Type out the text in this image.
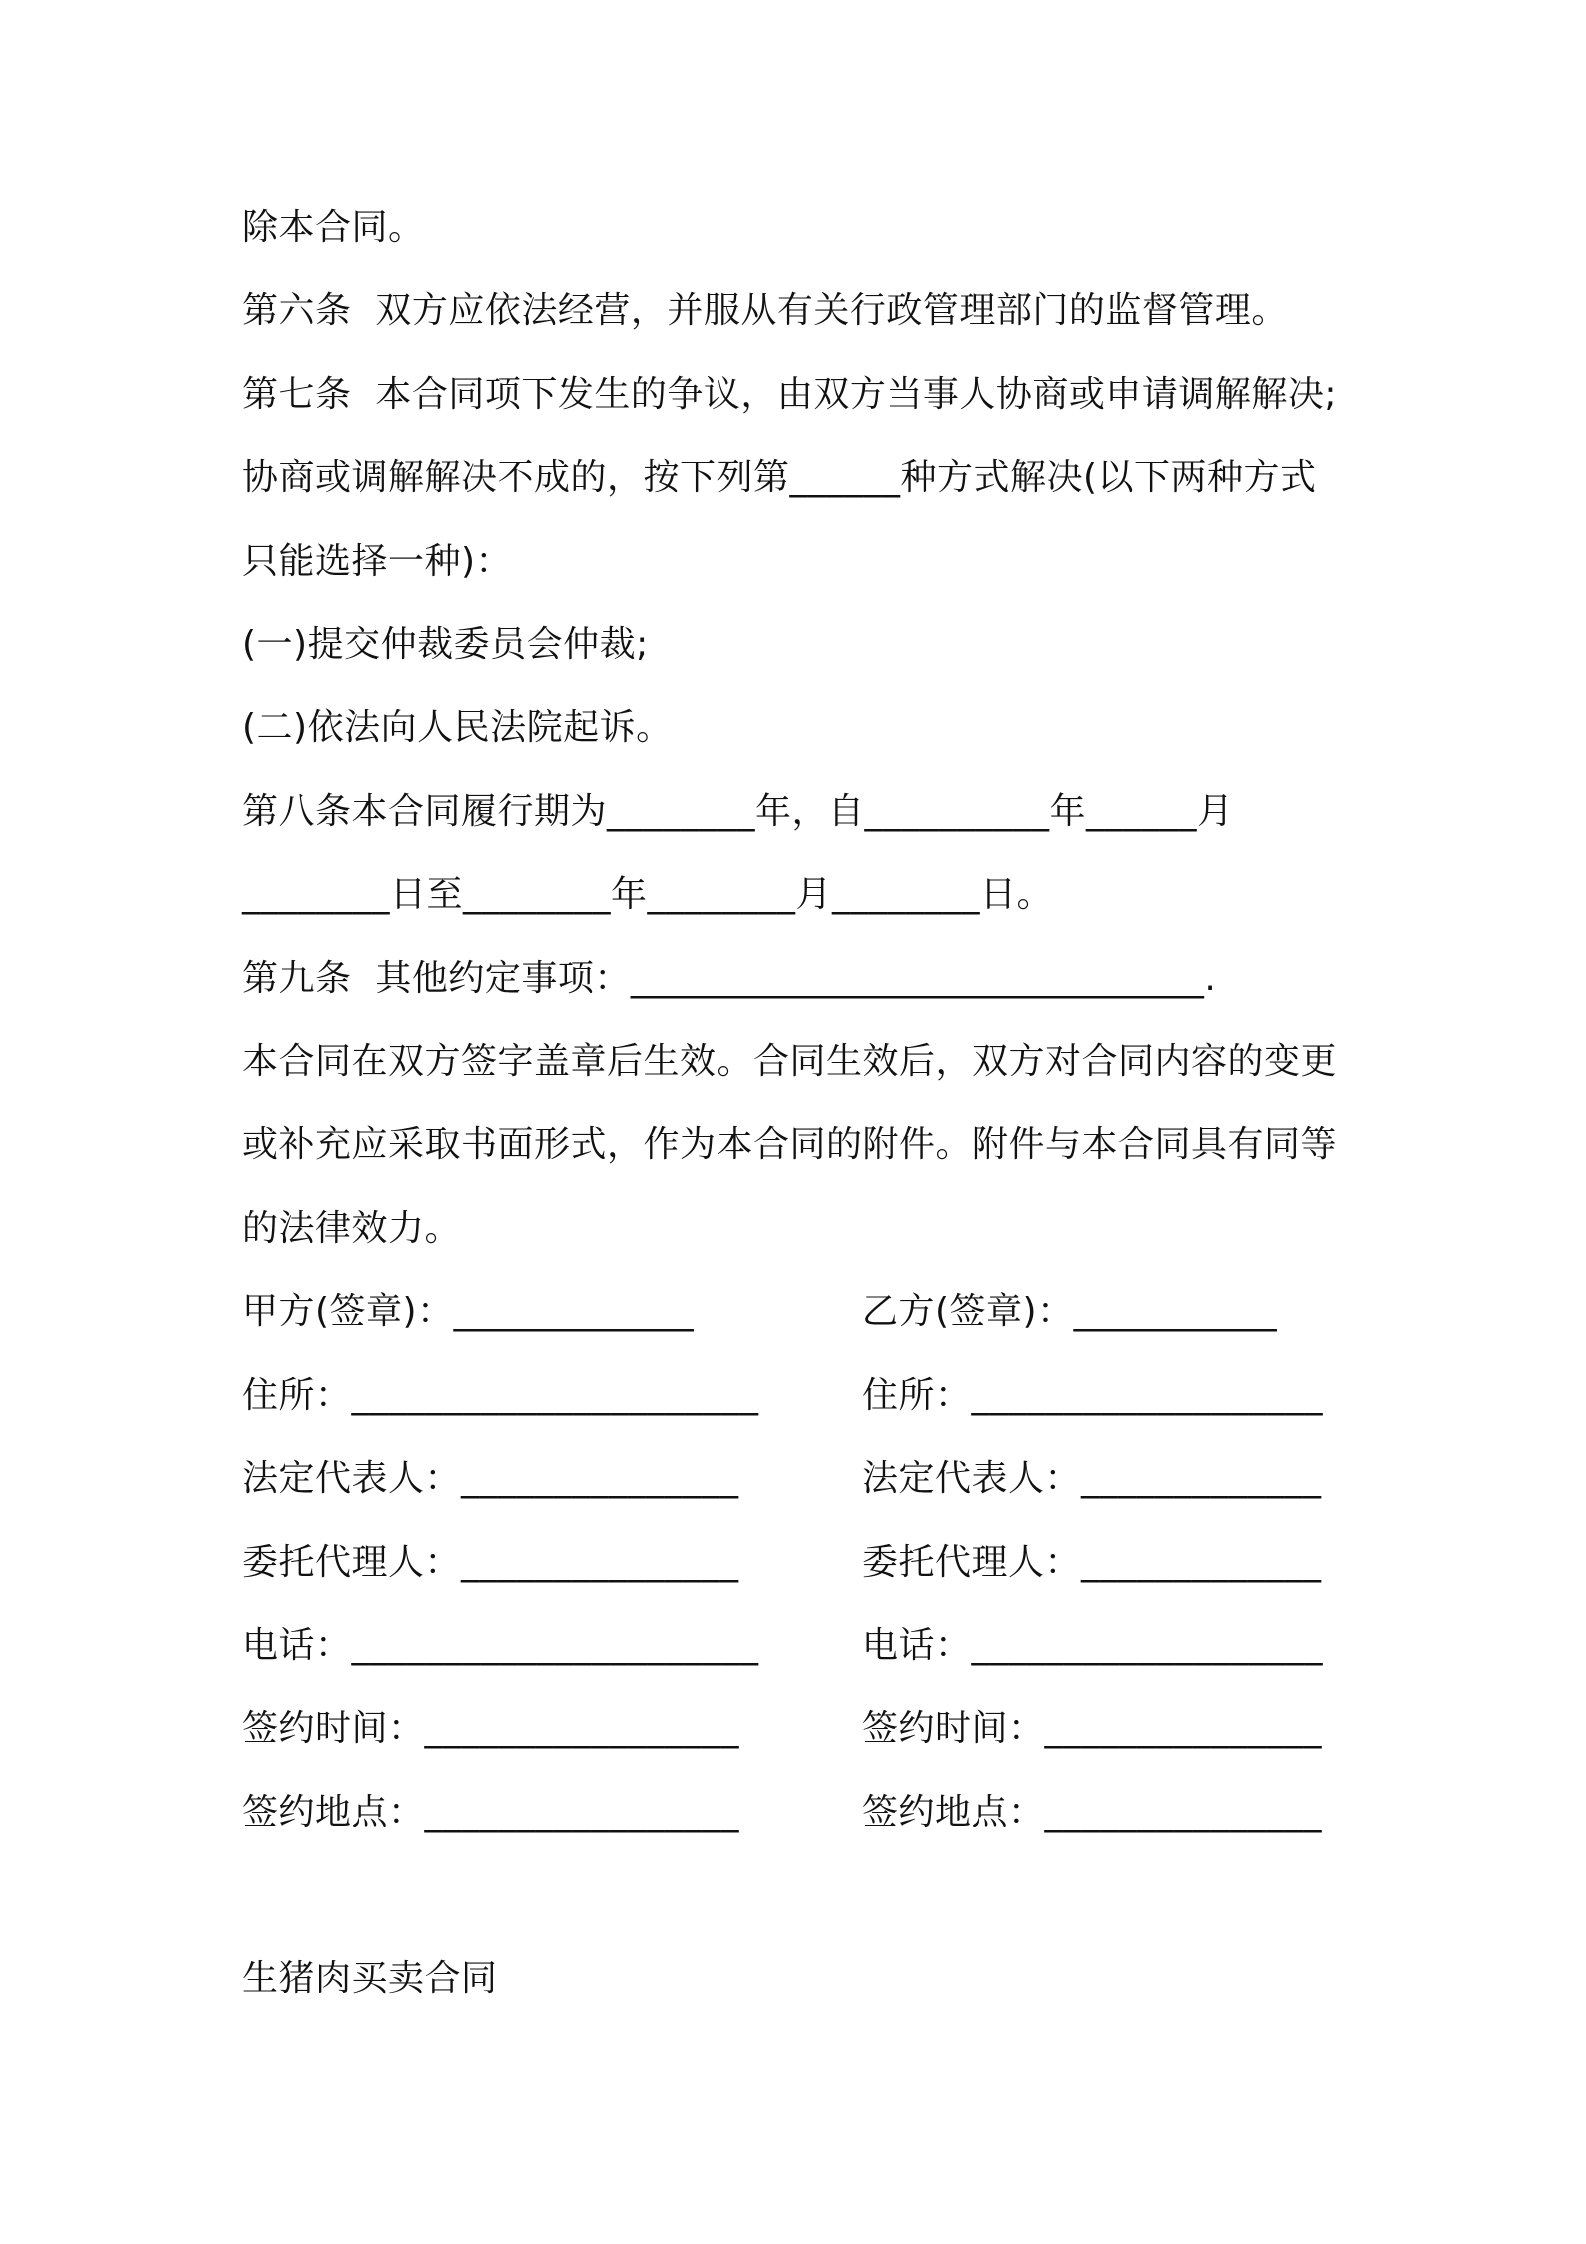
除本合同。
第六条  双方应依法经营，并服从有关行政管理部门的监督管理。
第七条  本合同项下发生的争议，由双方当事人协商或申请调解解决;
协商或调解解决不成的，按下列第______种方式解决(以下两种方式
只能选择一种)：
(一)提交仲裁委员会仲裁;
(二)依法向人民法院起诉。
第八条本合同履行期为________年，自__________年______月
________日至________年________月________日。
第九条  其他约定事项：_______________________________.
本合同在双方签字盖章后生效。合同生效后，双方对合同内容的变更
或补充应采取书面形式，作为本合同的附件。附件与本合同具有同等
的法律效力。
甲方(签章)：_____________
住所：______________________
法定代表人：_______________
委托代理人：_______________
电话：______________________
签约时间：_________________
签约地点：_________________
乙方(签章)：___________
住所：___________________
法定代表人：_____________
委托代理人：_____________
电话：___________________
签约时间：_______________
签约地点：_______________
生猪肉买卖合同
